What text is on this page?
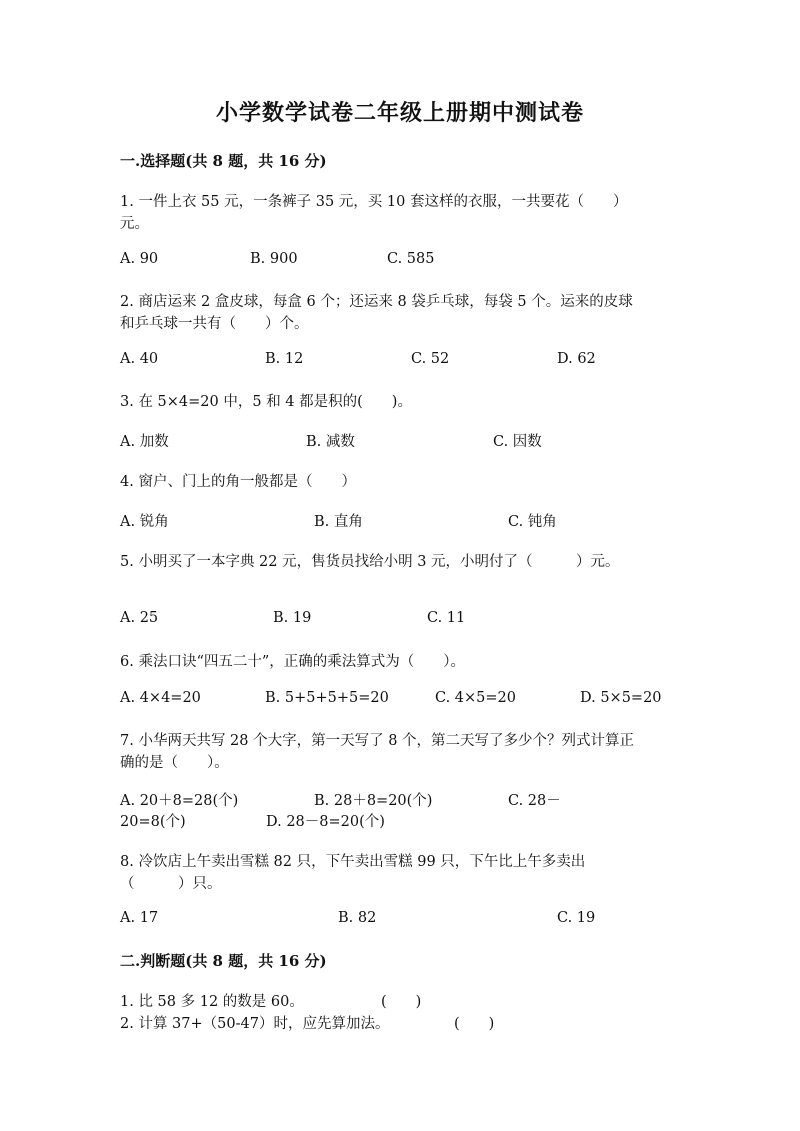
小学数学试卷二年级上册期中测试卷
一.选择题(共 8 题，共 16 分)
1. 一件上衣 55 元，一条裤子 35 元，买 10 套这样的衣服，一共要花（　　）
元。
A. 90	B. 900	C. 585
2. 商店运来 2 盒皮球，每盒 6 个；还运来 8 袋乒乓球，每袋 5 个。运来的皮球
和乒乓球一共有（　　）个。
A. 40	B. 12	C. 52	D. 62
3. 在 5×4=20 中，5 和 4 都是积的(　　)。
A. 加数	B. 减数	C. 因数
4. 窗户、门上的角一般都是（　　）
A. 锐角	B. 直角	C. 钝角
5. 小明买了一本字典 22 元，售货员找给小明 3 元，小明付了（　　　）元。
A. 25	B. 19	C. 11
6. 乘法口诀“四五二十”，正确的乘法算式为（　　）。
A. 4×4=20	B. 5+5+5+5=20	C. 4×5=20	D. 5×5=20
7. 小华两天共写 28 个大字，第一天写了 8 个，第二天写了多少个？列式计算正
确的是（　　）。
A. 20＋8=28(个)	B. 28＋8=20(个)	C. 28－
20=8(个)	D. 28－8=20(个)
8. 冷饮店上午卖出雪糕 82 只，下午卖出雪糕 99 只，下午比上午多卖出
（　　　）只。
A. 17	B. 82	C. 19
二.判断题(共 8 题，共 16 分)
1. 比 58 多 12 的数是 60。	(　　)
2. 计算 37+（50-47）时，应先算加法。	(　　)
